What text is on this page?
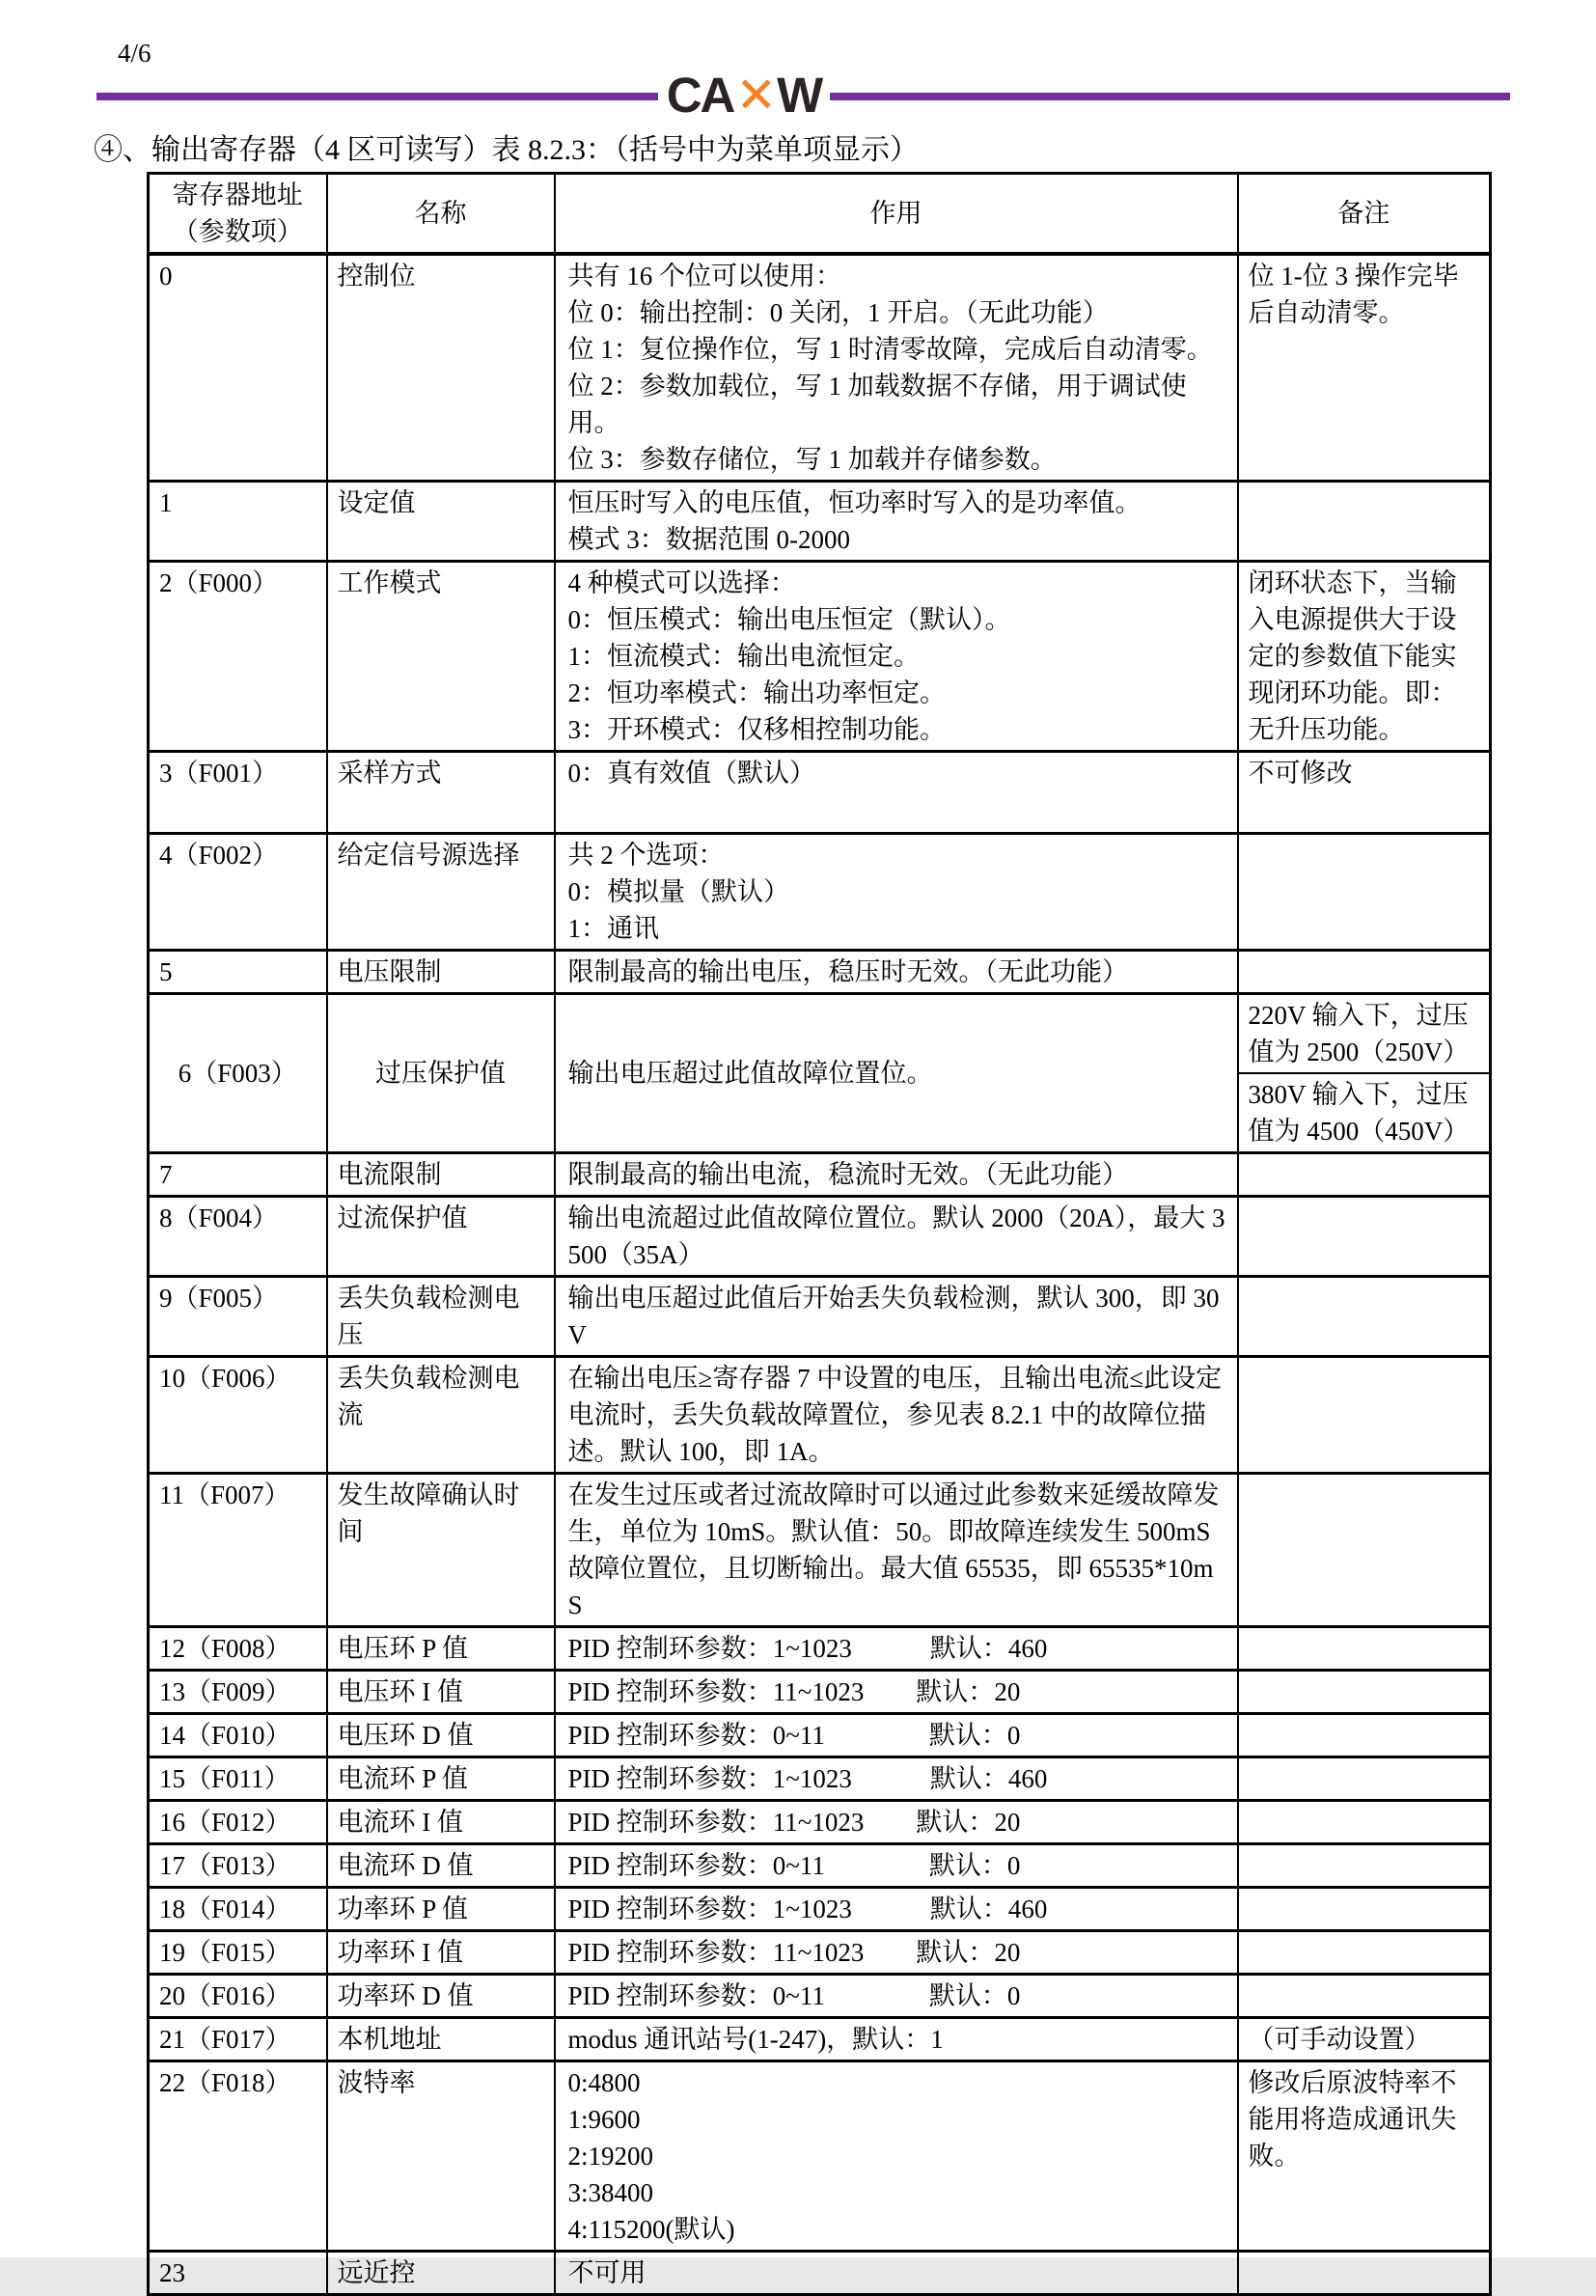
4/6
CA✕W
④、输出寄存器（4 区可读写）表 8.2.3：（括号中为菜单项显示）
寄存器地址
（参数项）	名称	作用	备注

0	控制位	共有 16 个位可以使用：
位 0：输出控制：0 关闭，1 开启。（无此功能）
位 1：复位操作位，写 1 时清零故障，完成后自动清零。
位 2：参数加载位，写 1 加载数据不存储，用于调试使用。
位 3：参数存储位，写 1 加载并存储参数。	位 1-位 3 操作完毕后自动清零。

1	设定值	恒压时写入的电压值，恒功率时写入的是功率值。
模式 3：数据范围 0-2000	

2（F000）	工作模式	4 种模式可以选择：
0：恒压模式：输出电压恒定（默认）。
1：恒流模式：输出电流恒定。
2：恒功率模式：输出功率恒定。
3：开环模式：仅移相控制功能。	闭环状态下，当输入电源提供大于设定的参数值下能实现闭环功能。即：无升压功能。

3（F001）	采样方式	0：真有效值（默认）	不可修改

4（F002）	给定信号源选择	共 2 个选项：
0：模拟量（默认）
1：通讯	

5	电压限制	限制最高的输出电压，稳压时无效。（无此功能）	

6（F003）	过压保护值	输出电压超过此值故障位置位。	220V 输入下，过压值为 2500（250V）
380V 输入下，过压值为 4500（450V）

7	电流限制	限制最高的输出电流，稳流时无效。（无此功能）	

8（F004）	过流保护值	输出电流超过此值故障位置位。默认 2000（20A），最大 3500（35A）	

9（F005）	丢失负载检测电压	输出电压超过此值后开始丢失负载检测，默认 300，即 30V	

10（F006）	丢失负载检测电流	在输出电压≥寄存器 7 中设置的电压，且输出电流≤此设定电流时，丢失负载故障置位，参见表 8.2.1 中的故障位描述。默认 100，即 1A。	

11（F007）	发生故障确认时间	在发生过压或者过流故障时可以通过此参数来延缓故障发生，单位为 10mS。默认值：50。即故障连续发生 500mS 故障位置位，且切断输出。最大值 65535，即 65535*10mS	

12（F008）	电压环 P 值	PID 控制环参数：1~1023　　　默认：460	

13（F009）	电压环 I 值	PID 控制环参数：11~1023　　默认：20	

14（F010）	电压环 D 值	PID 控制环参数：0~11　　　　默认：0	

15（F011）	电流环 P 值	PID 控制环参数：1~1023　　　默认：460	

16（F012）	电流环 I 值	PID 控制环参数：11~1023　　默认：20	

17（F013）	电流环 D 值	PID 控制环参数：0~11　　　　默认：0	

18（F014）	功率环 P 值	PID 控制环参数：1~1023　　　默认：460	

19（F015）	功率环 I 值	PID 控制环参数：11~1023　　默认：20	

20（F016）	功率环 D 值	PID 控制环参数：0~11　　　　默认：0	

21（F017）	本机地址	modus 通讯站号(1-247)，默认：1	（可手动设置）

22（F018）	波特率	0:4800
1:9600
2:19200
3:38400
4:115200(默认)	修改后原波特率不能用将造成通讯失败。

23	远近控	不可用	
